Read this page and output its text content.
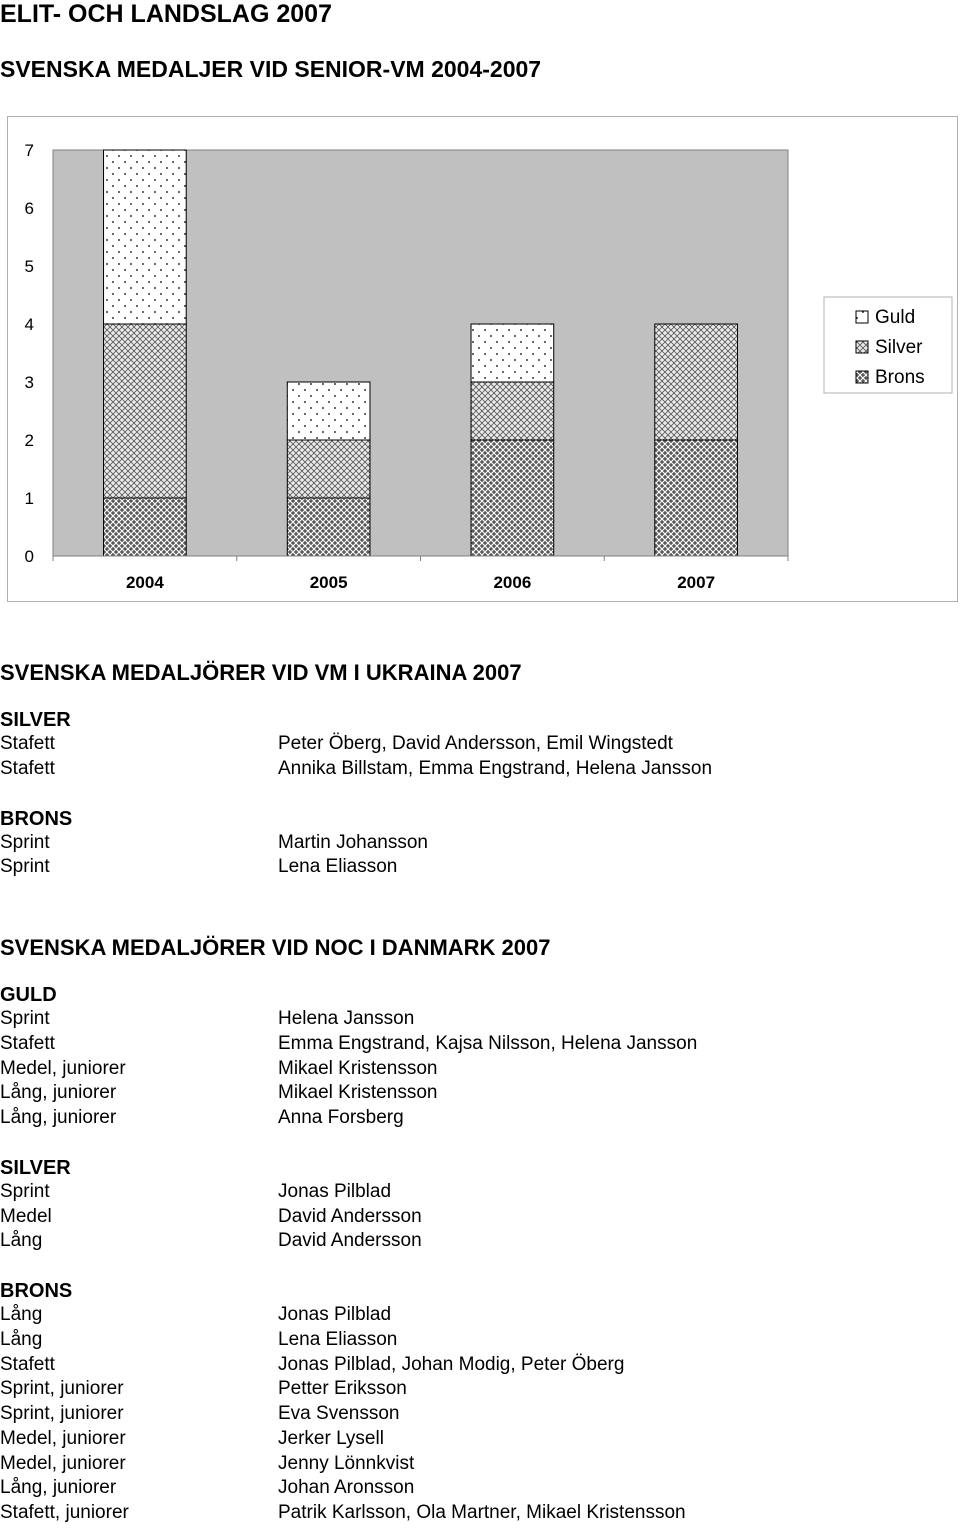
ELIT- OCH LANDSLAG 2007
SVENSKA MEDALJER VID SENIOR-VM 2004-2007
0
1
2
3
4
5
6
7
2004	2005	2006	2007
Guld
Silver
Brons
SVENSKA MEDALJÖRER VID VM I UKRAINA 2007
SILVER
Stafett	Peter Öberg, David Andersson, Emil Wingstedt
Stafett	Annika Billstam, Emma Engstrand, Helena Jansson
BRONS
Sprint	Martin Johansson
Sprint	Lena Eliasson
SVENSKA MEDALJÖRER VID NOC I DANMARK 2007
GULD
Sprint	Helena Jansson
Stafett	Emma Engstrand, Kajsa Nilsson, Helena Jansson
Medel, juniorer	Mikael Kristensson
Lång, juniorer	Mikael Kristensson
Lång, juniorer	Anna Forsberg
SILVER
Sprint	Jonas Pilblad
Medel	David Andersson
Lång	David Andersson
BRONS
Lång	Jonas Pilblad
Lång	Lena Eliasson
Stafett	Jonas Pilblad, Johan Modig, Peter Öberg
Sprint, juniorer	Petter Eriksson
Sprint, juniorer	Eva Svensson
Medel, juniorer	Jerker Lysell
Medel, juniorer	Jenny Lönnkvist
Lång, juniorer	Johan Aronsson
Stafett, juniorer	Patrik Karlsson, Ola Martner, Mikael Kristensson
